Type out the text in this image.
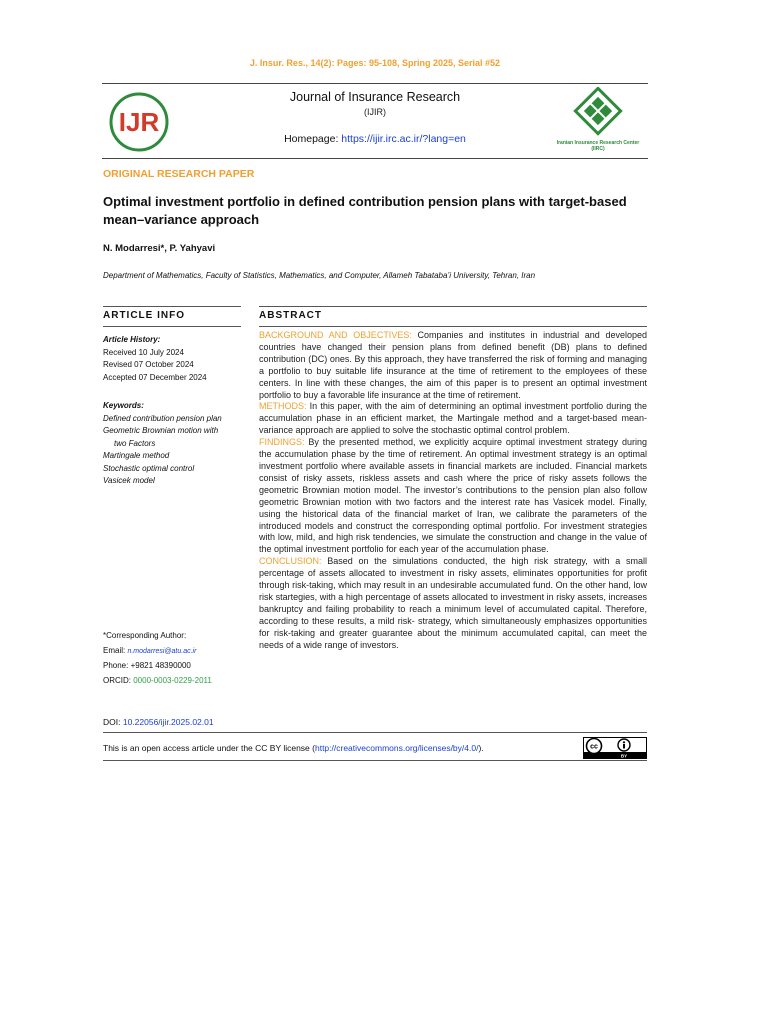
J. Insur. Res., 14(2): Pages: 95-108, Spring 2025, Serial #52
IJR
Journal of Insurance Research
(IJIR)
Homepage: https://ijir.irc.ac.ir/?lang=en	Iranian Insurance Research Center (IIRC)
ORIGINAL RESEARCH PAPER
Optimal investment portfolio in defined contribution pension plans with target-based mean–variance approach
N. Modarresi*, P. Yahyavi
Department of Mathematics, Faculty of Statistics, Mathematics, and Computer, Allameh Tabataba’i University, Tehran, Iran
ARTICLE INFO
Article History:
Received 10 July 2024
Revised 07 October 2024
Accepted 07 December 2024
Keywords:
Defined contribution pension plan
Geometric Brownian motion with
two Factors
Martingale method
Stochastic optimal control
Vasicek model
ABSTRACT

BACKGROUND AND OBJECTIVES: Companies and institutes in industrial and developed countries have changed their pension plans from defined benefit (DB) plans to defined contribution (DC) ones. By this approach, they have transferred the risk of forming and managing a portfolio to buy suitable life insurance at the time of retirement to the employees of these centers. In line with these changes, the aim of this paper is to present an optimal investment portfolio to buy a favorable life insurance at the time of retirement.

METHODS: In this paper, with the aim of determining an optimal investment portfolio during the accumulation phase in an efficient market, the Martingale method and a target-based mean-variance approach are applied to solve the stochastic optimal control problem.

FINDINGS: By the presented method, we explicitly acquire optimal investment strategy during the accumulation phase by the time of retirement. An optimal investment strategy is an optimal investment portfolio where available assets in financial markets are included. Financial markets consist of risky assets, riskless assets and cash where the price of risky assets follows the geometric Brownian motion model. The investor’s contributions to the pension plan also follow geometric Brownian motion with two factors and the interest rate has Vasicek model. Finally, using the historical data of the financial market of Iran, we calibrate the parameters of the introduced models and construct the corresponding optimal portfolio. For investment strategies with low, mild, and high risk tendencies, we simulate the construction and change in the value of the optimal investment portfolio for each year of the accumulation phase.

CONCLUSION: Based on the simulations conducted, the high risk strategy, with a small percentage of assets allocated to investment in risky assets, eliminates opportunities for profit through risk-taking, which may result in an undesirable accumulated fund. On the other hand, low risk startegies, with a high percentage of assets allocated to investment in risky assets, increases bankruptcy and failing probability to reach a minimum level of accumulated capital. Therefore, according to these results, a mild risk- strategy, which simultaneously emphasizes opportunities for risk-taking and greater guarantee about the minimum accumulated capital, can meet the needs of a wide range of investors.

*Corresponding Author:
Email: n.modarresi@atu.ac.ir
Phone: +9821 48390000
ORCID: 0000-0003-0229-2011
DOI: 10.22056/ijir.2025.02.01
This is an open access article under the CC BY license (http://creativecommons.org/licenses/by/4.0/).	cc
BY
